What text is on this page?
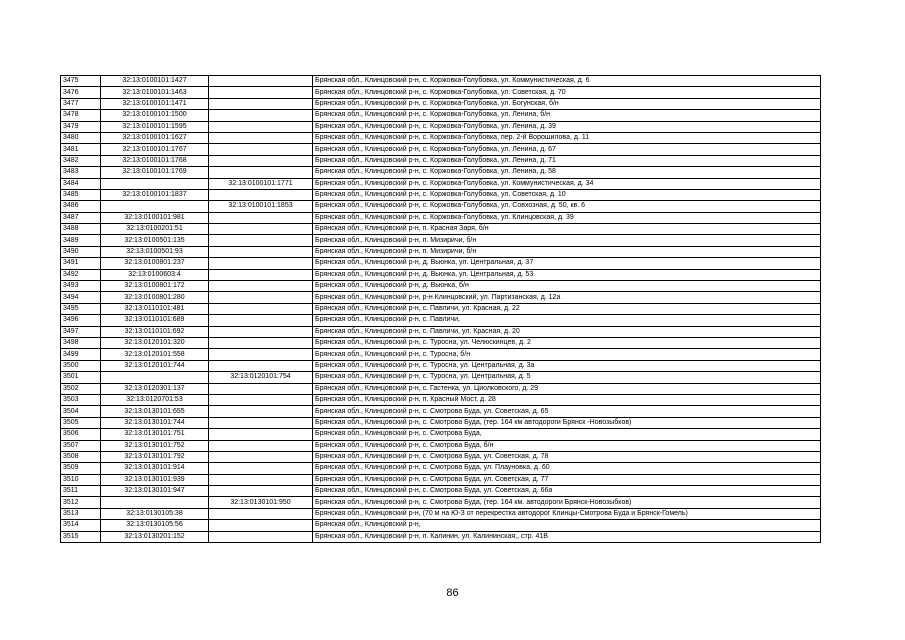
3475	32:13:0100101:1427		Брянская обл., Клинцовский р-н, с. Коржовка-Голубовка, ул. Коммунистическая, д. 6
3476	32:13:0100101:1463		Брянская обл., Клинцовский р-н, с. Коржовка-Голубовка, ул. Советская, д. 70
3477	32:13:0100101:1471		Брянская обл., Клинцовский р-н, с. Коржовка-Голубовка, ул. Богунская, б/н
3478	32:13:0100101:1500		Брянская обл., Клинцовский р-н, с. Коржовка-Голубовка, ул. Ленина, б/н
3479	32:13:0100101:1595		Брянская обл., Клинцовский р-н, с. Коржовка-Голубовка, ул. Ленина, д. 39
3480	32:13:0100101:1627		Брянская обл., Клинцовский р-н, с. Коржовка-Голубовка, пер. 2-й Ворошилова, д. 11
3481	32:13:0100101:1767		Брянская обл., Клинцовский р-н, с. Коржовка-Голубовка, ул. Ленина, д. 67
3482	32:13:0100101:1768		Брянская обл., Клинцовский р-н, с. Коржовка-Голубовка, ул. Ленина, д. 71
3483	32:13:0100101:1769		Брянская обл., Клинцовский р-н, с. Коржовка-Голубовка, ул. Ленина, д. 58
3484		32:13:0100101:1771	Брянская обл., Клинцовский р-н, с. Коржовка-Голубовка, ул. Коммунистическая, д. 34
3485	32:13:0100101:1837		Брянская обл., Клинцовский р-н, с. Коржовка-Голубовка, ул. Советская, д. 10
3486		32:13:0100101:1853	Брянская обл., Клинцовский р-н, с. Коржовка-Голубовка, ул. Совхозная, д. 50, кв. 6
3487	32:13:0100101:981		Брянская обл., Клинцовский р-н, с. Коржовка-Голубовка, ул. Клинцовская, д. 39
3488	32:13:0100201:51		Брянская обл., Клинцовский р-н, п. Красная Заря, б/н
3489	32:13:0100501:135		Брянская обл., Клинцовский р-н, п. Мизиричи, б/н
3490	32:13:0100501:93		Брянская обл., Клинцовский р-н, п. Мизиричи, б/н
3491	32:13:0100801:237		Брянская обл., Клинцовский р-н, д. Вьюнка, ул. Центральная, д. 37
3492	32:13:0100603:4		Брянская обл., Клинцовский р-н, д. Вьюнка, ул. Центральная, д. 53
3493	32:13:0100801:172		Брянская обл., Клинцовский р-н, д. Вьюнка, б/н
3494	32:13:0100801:280		Брянская обл., Клинцовский р-н, р-н Клинцовский, ул. Партизанская, д. 12а
3495	32:13:0110101:481		Брянская обл., Клинцовский р-н, с. Павличи, ул. Красная, д. 22
3496	32:13:0110101:689		Брянская обл., Клинцовский р-н, с. Павличи,
3497	32:13:0110101:692		Брянская обл., Клинцовский р-н, с. Павличи, ул. Красная, д. 20
3498	32:13:0120101:320		Брянская обл., Клинцовский р-н, с. Туросна, ул. Челюскинцев, д. 2
3499	32:13:0120101:558		Брянская обл., Клинцовский р-н, с. Туросна, б/н
3500	32:13:0120101:744		Брянская обл., Клинцовский р-н, с. Туросна, ул. Центральная, д. 3а
3501		32:13:0120101:754	Брянская обл., Клинцовский р-н, с. Туросна, ул. Центральная, д. 5
3502	32:13:0120301:137		Брянская обл., Клинцовский р-н, с. Гастенка, ул. Циолковского, д. 29
3503	32:13:0120701:53		Брянская обл., Клинцовский р-н, п. Красный Мост, д. 28
3504	32:13:0130101:655		Брянская обл., Клинцовский р-н, с. Смотрова Буда, ул. Советская, д. 65
3505	32:13:0130101:744		Брянская обл., Клинцовский р-н, с. Смотрова Буда, (тер. 164 км автодороги Брянск -Новозыбков)
3506	32:13:0130101:751		Брянская обл., Клинцовский р-н, с. Смотрова Буда,
3507	32:13:0130101:752		Брянская обл., Клинцовский р-н, с. Смотрова Буда, б/н
3508	32:13:0130101:792		Брянская обл., Клинцовский р-н, с. Смотрова Буда, ул. Советская, д. 78
3509	32:13:0130101:914		Брянская обл., Клинцовский р-н, с. Смотрова Буда, ул. Плауновка, д. 60
3510	32:13:0130101:939		Брянская обл., Клинцовский р-н, с. Смотрова Буда, ул. Советская, д. 77
3511	32:13:0130101:947		Брянская обл., Клинцовский р-н, с. Смотрова Буда, ул. Советская, д. 66а
3512		32:13:0130101:950	Брянская обл., Клинцовский р-н, с. Смотрова Буда, (тер. 164 км. автодороги Брянск-Новозыбков)
3513	32:13:0130105:38		Брянская обл., Клинцовский р-н, (70 м на Ю-З от перекрестка автодорог Клинцы-Смотрова Буда и Брянск-Гомель)
3514	32:13:0130105:56		Брянская обл., Клинцовский р-н,
3515	32:13:0130201:152		Брянская обл., Клинцовский р-н, п. Калинин, ул. Калининская,, стр. 41В
86
